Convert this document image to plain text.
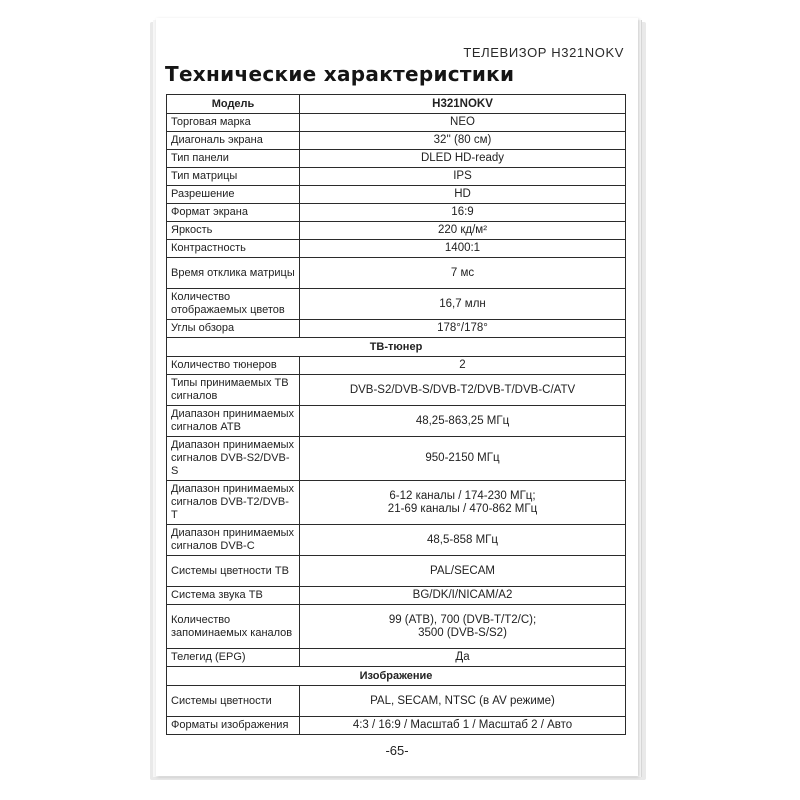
ТЕЛЕВИЗОР H321NOKV
Технические характеристики
Модель	H321NOKV
Торговая марка	NEO
Диагональ экрана	32'' (80 см)
Тип панели	DLED HD-ready
Тип матрицы	IPS
Разрешение	HD
Формат экрана	16:9
Яркость	220 кд/м²
Контрастность	1400:1
Время отклика матрицы	7 мс
Количество отображаемых цветов	16,7 млн
Углы обзора	178°/178°
ТВ-тюнер	
Количество тюнеров	2
Типы принимаемых ТВ сигналов	DVB-S2/DVB-S/DVB-T2/DVB-T/DVB-C/ATV
Диапазон принимаемых сигналов АТВ	48,25-863,25 МГц
Диапазон принимаемых сигналов DVB-S2/DVB-S	950-2150 МГц
Диапазон принимаемых сигналов DVB-T2/DVB-T	6-12 каналы / 174-230 МГц;
21-69 каналы / 470-862 МГц
Диапазон принимаемых сигналов DVB-C	48,5-858 МГц
Системы цветности ТВ	PAL/SECAM
Система звука ТВ	BG/DK/I/NICAM/A2
Количество запоминаемых каналов	99 (АТВ), 700 (DVB-T/T2/C);
3500 (DVB-S/S2)
Телегид (EPG)	Да
Изображение	
Системы цветности	PAL, SECAM, NTSC (в AV режиме)
Форматы изображения	4:3 / 16:9 / Масштаб 1 / Масштаб 2 / Авто
-65-
